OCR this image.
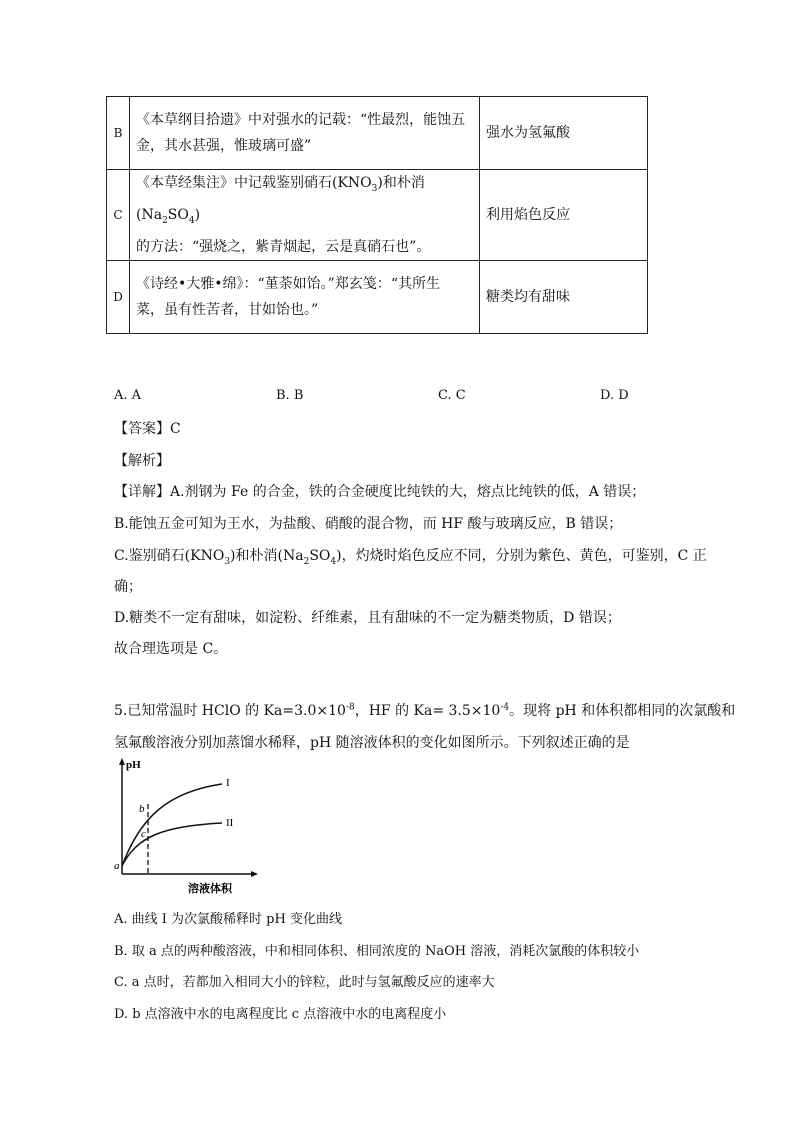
B	《本草纲目拾遗》中对强水的记载：“性最烈，能蚀五
金，其水甚强，惟玻璃可盛”	强水为氢氟酸
C	《本草经集注》中记载鉴别硝石$(KNO_3)$和朴消$(Na_2SO_4)$
的方法：“强烧之，紫青烟起，云是真硝石也”。	利用焰色反应
D	《诗经•大雅•绵》：“堇荼如饴。”郑玄笺：“其所生
菜，虽有性苦者，甘如饴也。”	糖类均有甜味
A. A	B. B	C. C	D. D
【答案】C
【解析】
【详解】A.剂钢为 Fe 的合金，铁的合金硬度比纯铁的大，熔点比纯铁的低，A 错误；
B.能蚀五金可知为王水，为盐酸、硝酸的混合物，而 HF 酸与玻璃反应，B 错误；
C.鉴别硝石$(KNO_3)$和朴消$(Na_2SO_4)$，灼烧时焰色反应不同，分别为紫色、黄色，可鉴别，C 正
确；
D.糖类不一定有甜味，如淀粉、纤维素，且有甜味的不一定为糖类物质，D 错误；
故合理选项是 C。
5.已知常温时 HClO 的 $Ka=3.0\times 10^{-8}$，HF 的 $Ka= 3.5\times 10^{-4}$。现将 pH 和体积都相同的次氯酸和
氢氟酸溶液分别加蒸馏水稀释，pH 随溶液体积的变化如图所示。下列叙述正确的是
pH
I
II
a
b
c
溶液体积
A. 曲线 I 为次氯酸稀释时 pH 变化曲线
B. 取 a 点的两种酸溶液，中和相同体积、相同浓度的 NaOH 溶液，消耗次氯酸的体积较小
C. a 点时，若都加入相同大小的锌粒，此时与氢氟酸反应的速率大
D. b 点溶液中水的电离程度比 c 点溶液中水的电离程度小
